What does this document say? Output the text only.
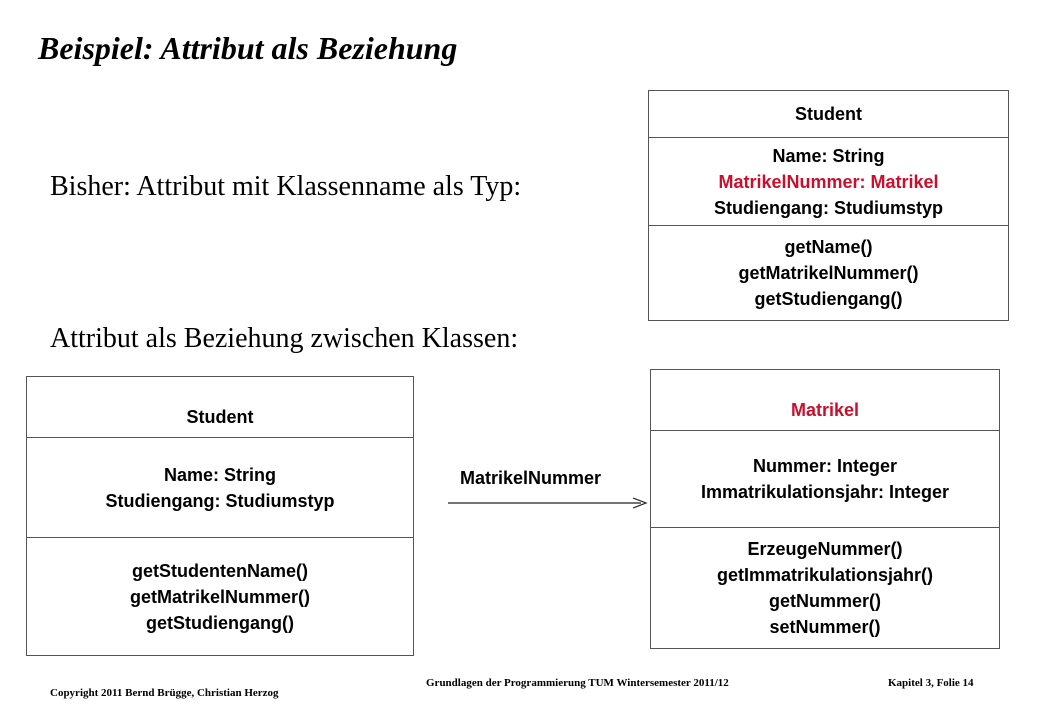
Beispiel: Attribut als Beziehung
Bisher: Attribut mit Klassenname als Typ:
Attribut als Beziehung zwischen Klassen:
Student
Name: String
MatrikelNummer: Matrikel
Studiengang: Studiumstyp
getName()
getMatrikelNummer()
getStudiengang()
Student
Name: String
Studiengang: Studiumstyp
getStudentenName()
getMatrikelNummer()
getStudiengang()
Matrikel
Nummer: Integer
Immatrikulationsjahr: Integer
ErzeugeNummer()
getImmatrikulationsjahr()
getNummer()
setNummer()
MatrikelNummer
Copyright 2011 Bernd Brügge, Christian Herzog
Grundlagen der Programmierung TUM Wintersemester 2011/12	Kapitel 3, Folie 14
